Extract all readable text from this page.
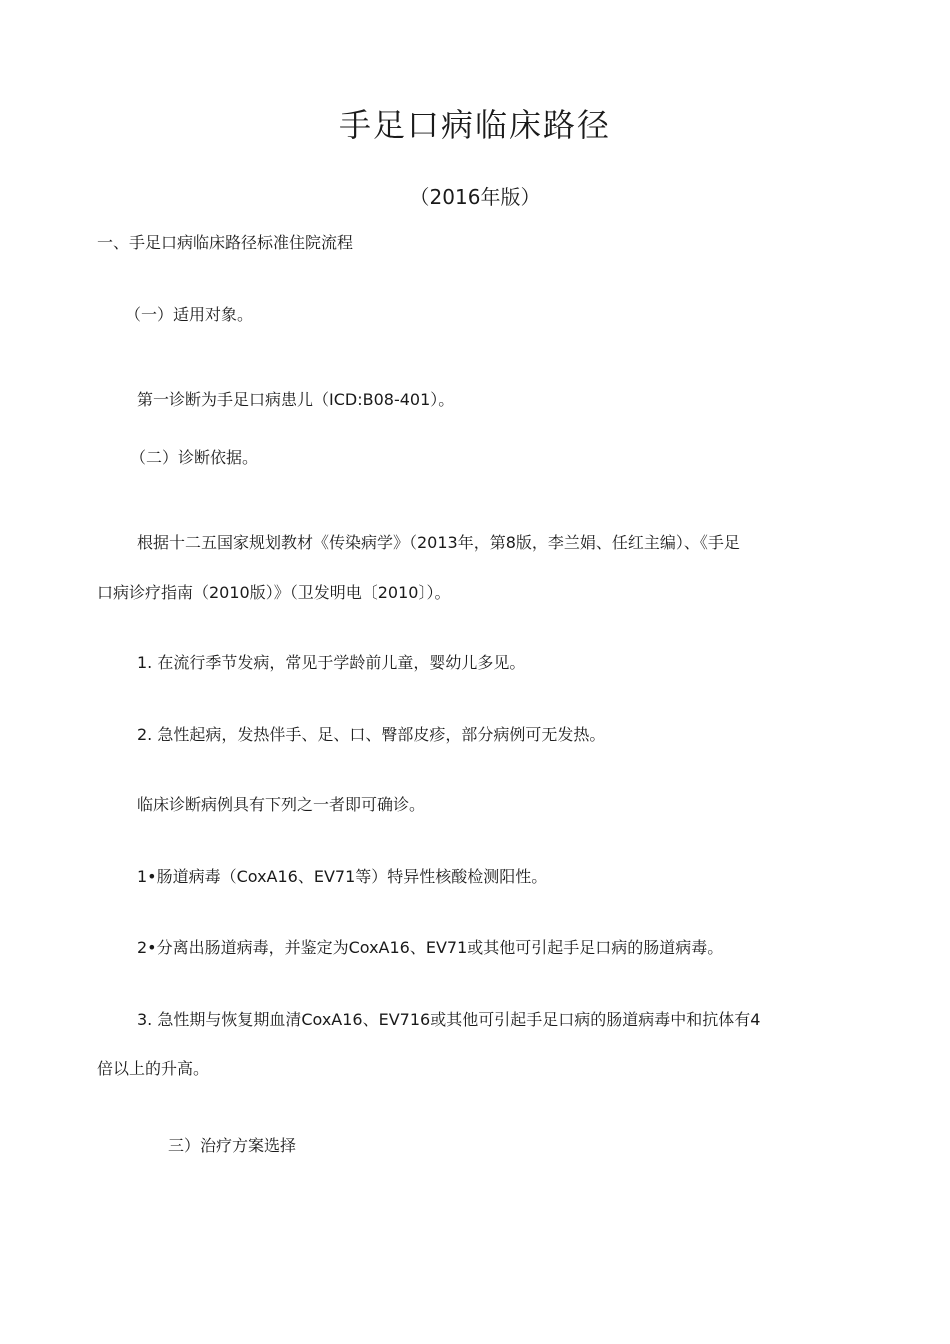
手足口病临床路径
（2016年版）
一、手足口病临床路径标准住院流程
（一）适用对象。
第一诊断为手足口病患儿（ICD:B08-401）。
（二）诊断依据。
根据十二五国家规划教材《传染病学》（2013年，第8版，李兰娟、任红主编）、《手足
口病诊疗指南（2010版）》（卫发明电〔2010〕）。
1. 在流行季节发病，常见于学龄前儿童，婴幼儿多见。
2. 急性起病，发热伴手、足、口、臀部皮疹，部分病例可无发热。
临床诊断病例具有下列之一者即可确诊。
1•肠道病毒（CoxA16、EV71等）特异性核酸检测阳性。
2•分离出肠道病毒，并鉴定为CoxA16、EV71或其他可引起手足口病的肠道病毒。
3. 急性期与恢复期血清CoxA16、EV716或其他可引起手足口病的肠道病毒中和抗体有4
倍以上的升高。
三）治疗方案选择
